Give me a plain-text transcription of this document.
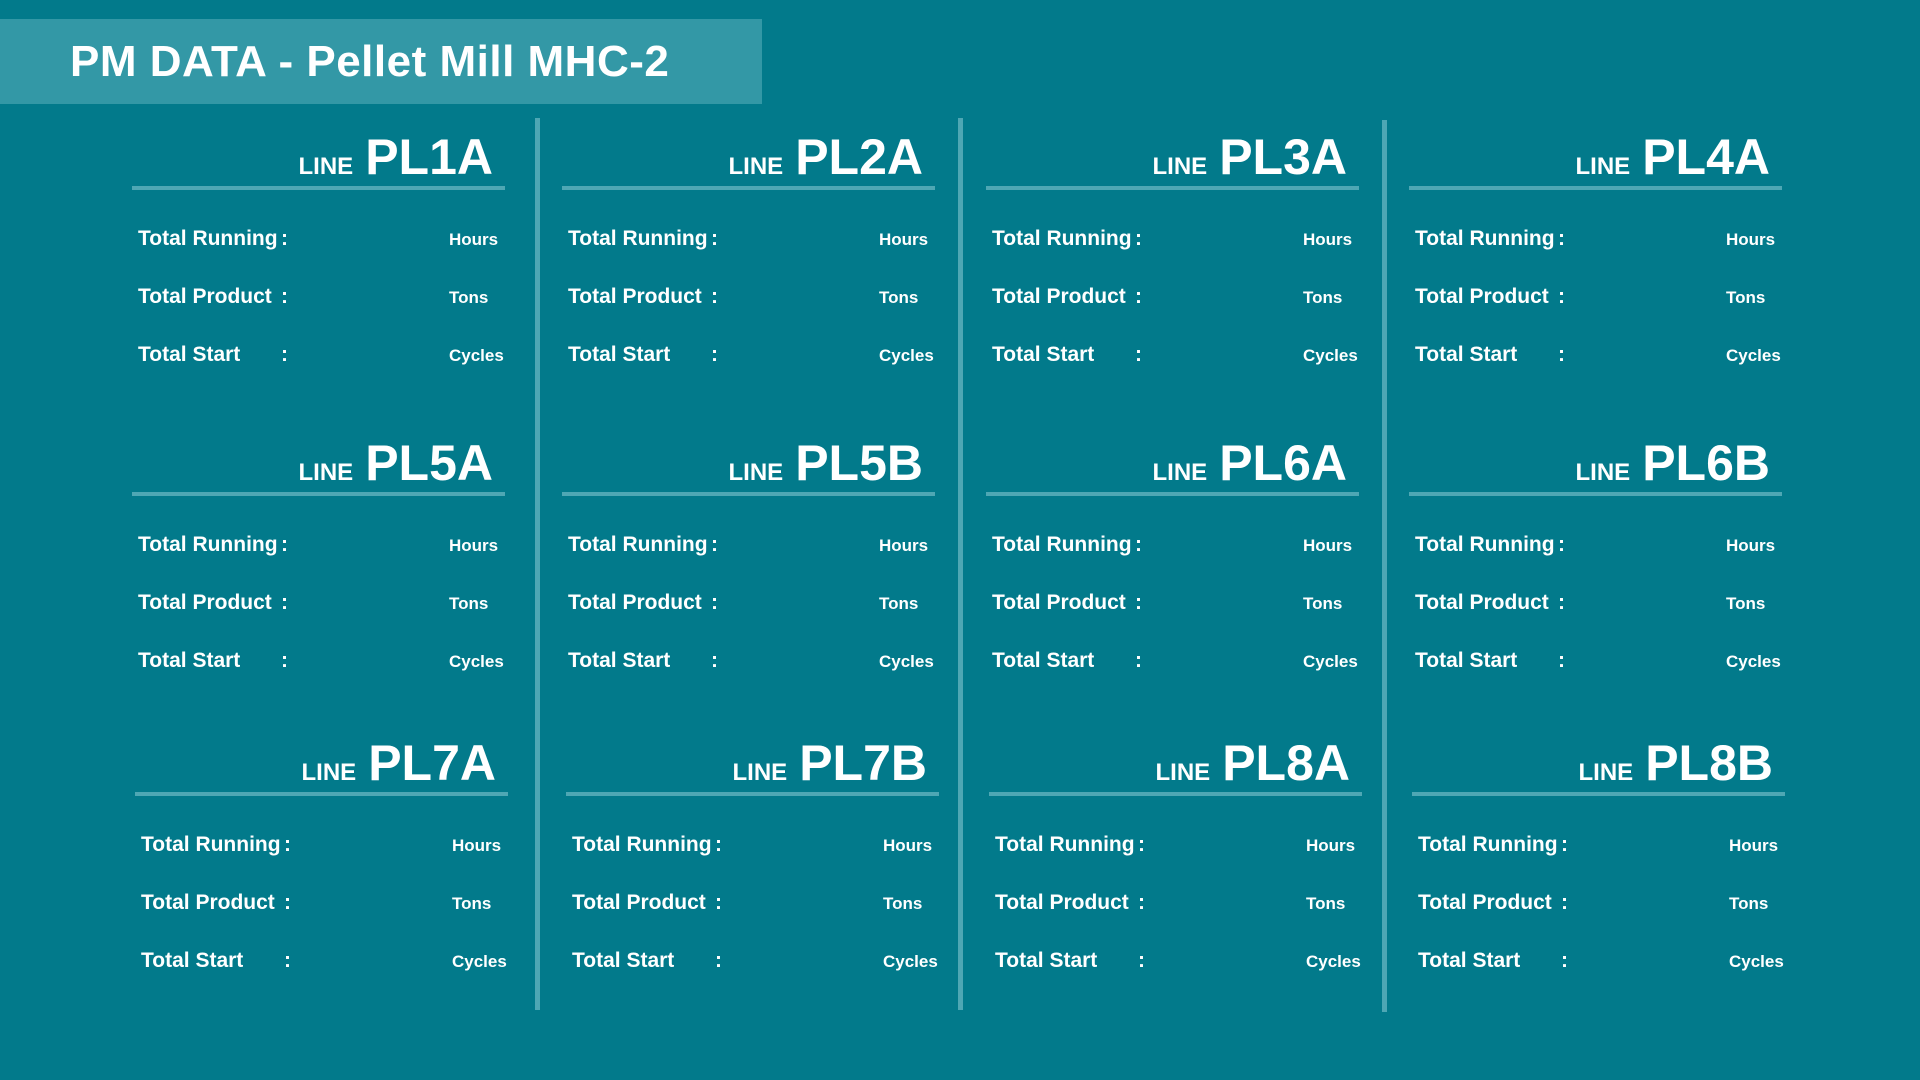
PM DATA - Pellet Mill MHC-2
LINE PL1A
Total Running :	Hours
Total Product :	Tons
Total Start :	Cycles
LINE PL2A
Total Running :	Hours
Total Product :	Tons
Total Start :	Cycles
LINE PL3A
Total Running :	Hours
Total Product :	Tons
Total Start :	Cycles
LINE PL4A
Total Running :	Hours
Total Product :	Tons
Total Start :	Cycles
LINE PL5A
Total Running :	Hours
Total Product :	Tons
Total Start :	Cycles
LINE PL5B
Total Running :	Hours
Total Product :	Tons
Total Start :	Cycles
LINE PL6A
Total Running :	Hours
Total Product :	Tons
Total Start :	Cycles
LINE PL6B
Total Running :	Hours
Total Product :	Tons
Total Start :	Cycles
LINE PL7A
Total Running :	Hours
Total Product :	Tons
Total Start :	Cycles
LINE PL7B
Total Running :	Hours
Total Product :	Tons
Total Start :	Cycles
LINE PL8A
Total Running :	Hours
Total Product :	Tons
Total Start :	Cycles
LINE PL8B
Total Running :	Hours
Total Product :	Tons
Total Start :	Cycles
